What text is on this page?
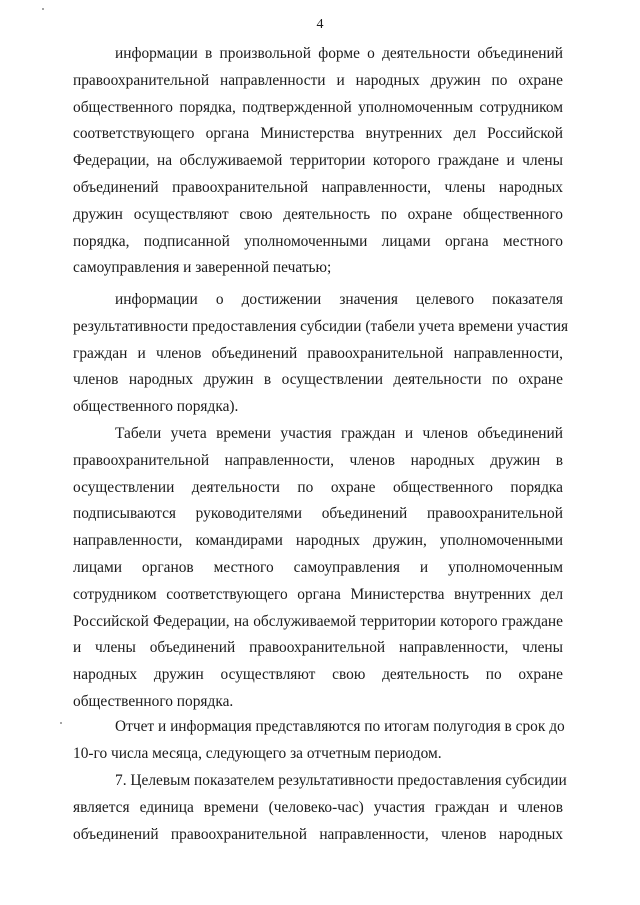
4

информации в произвольной форме о деятельности объединений
правоохранительной направленности и народных дружин по охране
общественного порядка, подтвержденной уполномоченным сотрудником
соответствующего органа Министерства внутренних дел Российской
Федерации, на обслуживаемой территории которого граждане и члены
объединений правоохранительной направленности, члены народных
дружин осуществляют свою деятельность по охране общественного
порядка, подписанной уполномоченными лицами органа местного
самоуправления и заверенной печатью;

информации о достижении значения целевого показателя
результативности предоставления субсидии (табели учета времени участия
граждан и членов объединений правоохранительной направленности,
членов народных дружин в осуществлении деятельности по охране
общественного порядка).

Табели учета времени участия граждан и членов объединений
правоохранительной направленности, членов народных дружин в
осуществлении деятельности по охране общественного порядка
подписываются руководителями объединений правоохранительной
направленности, командирами народных дружин, уполномоченными
лицами органов местного самоуправления и уполномоченным
сотрудником соответствующего органа Министерства внутренних дел
Российской Федерации, на обслуживаемой территории которого граждане
и члены объединений правоохранительной направленности, члены
народных дружин осуществляют свою деятельность по охране
общественного порядка.

Отчет и информация представляются по итогам полугодия в срок до
10-го числа месяца, следующего за отчетным периодом.

7. Целевым показателем результативности предоставления субсидии
является единица времени (человеко-час) участия граждан и членов
объединений правоохранительной направленности, членов народных
